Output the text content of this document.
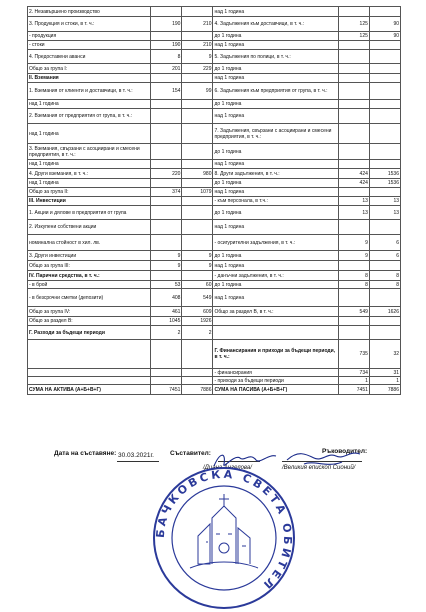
2. Незавършено производство			над 1 година		
3. Продукция и стоки, в т. ч.:	190	210	4. Задължения към доставчици, в т. ч.:	125	90
- продукция			до 1 година	125	90
- стоки	190	210	над 1 година		
4. Предоставени аванси	8	9	5. Задължения по полици, в т. ч.:		
Общо за група I:	201	229	до 1 година		
II. Вземания			над 1 година		
1. Вземания от клиенти и доставчици, в т. ч.:	154	99	6. Задължения към предприятия от група, в т. ч.:		
над 1 година			до 1 година		
2. Вземания от предприятия от група, в т. ч.:			над 1 година		
над 1 година			7. Задължения, свързани с асоциирани и смесени предприятия, в т. ч.:		
3. Вземания, свързани с асоциирани и смесени предприятия, в т. ч.:			до 1 година		
над 1 година			над 1 година		
4. Други вземания, в т. ч.:	220	980	8. Други задължения, в т. ч.:	424	1536
над 1 година			до 1 година	424	1536
Общо за група II:	374	1079	над 1 година		
III. Инвестиции			- към персонала, в т.ч.:	13	13
1. Акции и дялове в предприятия от група			до 1 година	13	13
2. Изкупени собствени акции			над 1 година		
номинална стойност в хил. лв.			- осигурителни задължения, в т. ч.:	9	6
3. Други инвестиции	9	9	до 1 година	9	6
Общо за група III:	9	9	над 1 година		
IV. Парични средства, в т. ч.:			- данъчни задължения, в т. ч.:	8	8
- в брой	53	60	до 1 година	8	8
- в безсрочни сметки (депозити)	408	549	над 1 година		
Общо за група IV:	461	609	Общо за раздел В, в т. ч.:	549	1626
Общо за раздел В:	1045	1926			
Г. Разходи за бъдещи периоди	2	2			
			Г. Финансирания и приходи за бъдещи периоди, в т. ч.:	735	32
			- финансирания	734	31
			- приходи за бъдещи периоди	1	1
СУМА НА АКТИВА (А+Б+В+Г)	7451	7886	СУМА НА ПАСИВА (А+Б+В+Г)	7451	7886
Дата на съставяне: 30.03.2021г. Съставител:	Ръководител:
/Диана Ангелова/	/Великия епископ Сионий/
БАЧКОВСКА СВЕТА ОБИТЕЛ
